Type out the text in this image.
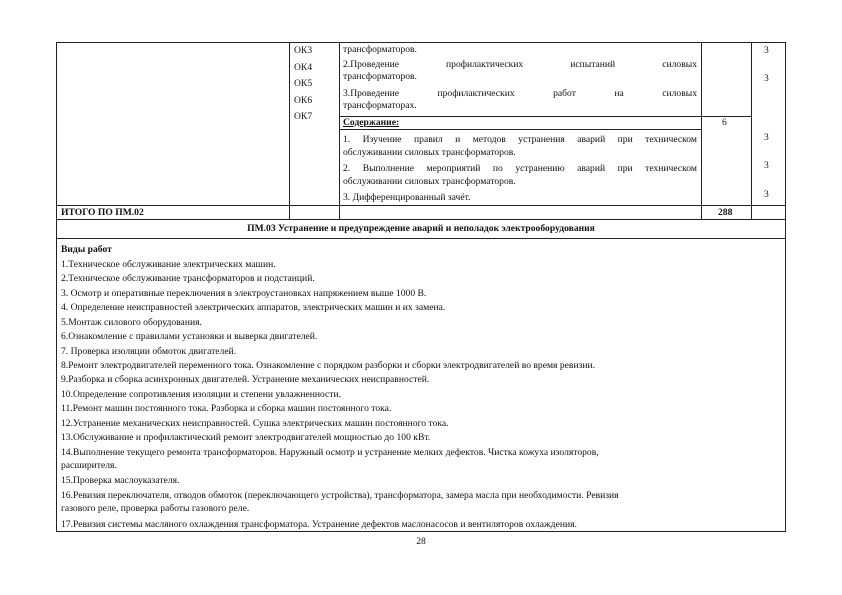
ОК3
ОК4
ОК5
ОК6
ОК7
трансформаторов.
2.Проведение профилактических испытаний силовых
трансформаторов.
3.Проведение профилактических работ на силовых
трансформаторах.
3
3
Содержание:	6
1. Изучение правил и методов устранения аварий при техническом
обслуживании силовых трансформаторов.
2. Выполнение мероприятий по устранению аварий при техническом
обслуживании силовых трансформаторов.
3. Дифференцированный зачёт.
3
3
3
ИТОГО ПО ПМ.02	288
ПМ.03 Устранение и предупреждение аварий и неполадок электрооборудования
Виды работ
1.Техническое обслуживание электрических машин.
2.Техническое обслуживание трансформаторов и подстанций.
3. Осмотр и оперативные переключения в электроустановках напряжением выше 1000 В.
4. Определение неисправностей электрических аппаратов, электрических машин и их замена.
5.Монтаж силового оборудования.
6.Ознакомление с правилами установки и выверка двигателей.
7. Проверка изоляции обмоток двигателей.
8.Ремонт электродвигателей переменного тока. Ознакомление с порядком разборки и сборки электродвигателей во время ревизии.
9.Разборка и сборка асинхронных двигателей. Устранение механических неисправностей.
10.Определение сопротивления изоляции и степени увлажненности.
11.Ремонт машин постоянного тока. Разборка и сборка машин постоянного тока.
12.Устранение механических неисправностей. Сушка электрических машин постоянного тока.
13.Обслуживание и профилактический ремонт электродвигателей мощностью до 100 кВт.
14.Выполнение текущего ремонта трансформаторов. Наружный осмотр и устранение мелких дефектов. Чистка кожуха изоляторов,
расширителя.
15.Проверка маслоуказателя.
16.Ревизия переключателя, отводов обмоток (переключающего устройства), трансформатора, замера масла при необходимости. Ревизия
газового реле, проверка работы газового реле.
17.Ревизия системы масляного охлаждения трансформатора. Устранение дефектов маслонасосов и вентиляторов охлаждения.
28
